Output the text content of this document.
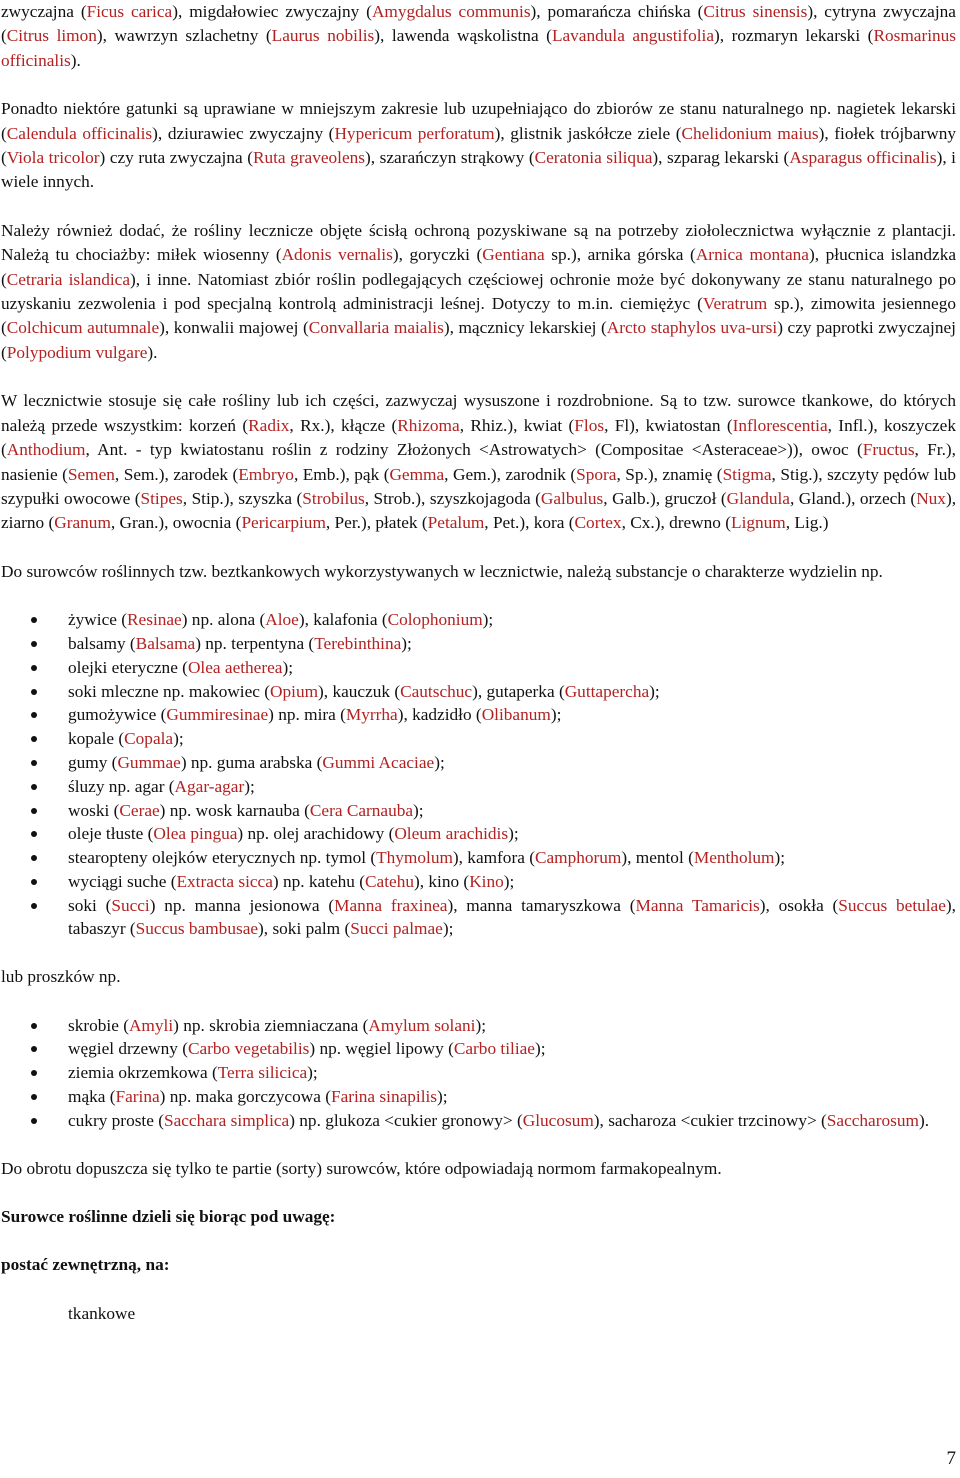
zwyczajna (Ficus carica), migdałowiec zwyczajny (Amygdalus communis), pomarańcza chińska (Citrus sinensis), cytryna zwyczajna (Citrus limon), wawrzyn szlachetny (Laurus nobilis), lawenda wąskolistna (Lavandula angustifolia), rozmaryn lekarski (Rosmarinus officinalis).

Ponadto niektóre gatunki są uprawiane w mniejszym zakresie lub uzupełniająco do zbiorów ze stanu naturalnego np. nagietek lekarski (Calendula officinalis), dziurawiec zwyczajny (Hypericum perforatum), glistnik jaskółcze ziele (Chelidonium maius), fiołek trójbarwny (Viola tricolor) czy ruta zwyczajna (Ruta graveolens), szarańczyn strąkowy (Ceratonia siliqua), szparag lekarski (Asparagus officinalis), i wiele innych.

Należy również dodać, że rośliny lecznicze objęte ścisłą ochroną pozyskiwane są na potrzeby ziołolecznictwa wyłącznie z plantacji. Należą tu chociażby: miłek wiosenny (Adonis vernalis), goryczki (Gentiana sp.), arnika górska (Arnica montana), płucnica islandzka (Cetraria islandica), i inne. Natomiast zbiór roślin podlegających częściowej ochronie może być dokonywany ze stanu naturalnego po uzyskaniu zezwolenia i pod specjalną kontrolą administracji leśnej. Dotyczy to m.in. ciemiężyc (Veratrum sp.), zimowita jesiennego (Colchicum autumnale), konwalii majowej (Convallaria maialis), mącznicy lekarskiej (Arcto staphylos uva-ursi) czy paprotki zwyczajnej (Polypodium vulgare).

W lecznictwie stosuje się całe rośliny lub ich części, zazwyczaj wysuszone i rozdrobnione. Są to tzw. surowce tkankowe, do których należą przede wszystkim: korzeń (Radix, Rx.), kłącze (Rhizoma, Rhiz.), kwiat (Flos, Fl), kwiatostan (Inflorescentia, Infl.), koszyczek (Anthodium, Ant. - typ kwiatostanu roślin z rodziny Złożonych <Astrowatych> (Compositae <Asteraceae>)), owoc (Fructus, Fr.), nasienie (Semen, Sem.), zarodek (Embryo, Emb.), pąk (Gemma, Gem.), zarodnik (Spora, Sp.), znamię (Stigma, Stig.), szczyty pędów lub szypułki owocowe (Stipes, Stip.), szyszka (Strobilus, Strob.), szyszkojagoda (Galbulus, Galb.), gruczoł (Glandula, Gland.), orzech (Nux), ziarno (Granum, Gran.), owocnia (Pericarpium, Per.), płatek (Petalum, Pet.), kora (Cortex, Cx.), drewno (Lignum, Lig.)

Do surowców roślinnych tzw. beztkankowych wykorzystywanych w lecznictwie, należą substancje o charakterze wydzielin np.

żywice (Resinae) np. alona (Aloe), kalafonia (Colophonium);
balsamy (Balsama) np. terpentyna (Terebinthina);
olejki eteryczne (Olea aetherea);
soki mleczne np. makowiec (Opium), kauczuk (Cautschuc), gutaperka (Guttapercha);
gumożywice (Gummiresinae) np. mira (Myrrha), kadzidło (Olibanum);
kopale (Copala);
gumy (Gummae) np. guma arabska (Gummi Acaciae);
śluzy np. agar (Agar-agar);
woski (Cerae) np. wosk karnauba (Cera Carnauba);
oleje tłuste (Olea pingua) np. olej arachidowy (Oleum arachidis);
stearopteny olejków eterycznych np. tymol (Thymolum), kamfora (Camphorum), mentol (Mentholum);
wyciągi suche (Extracta sicca) np. katehu (Catehu), kino (Kino);
soki (Succi) np. manna jesionowa (Manna fraxinea), manna tamaryszkowa (Manna Tamaricis), osokła (Succus betulae), tabaszyr (Succus bambusae), soki palm (Succi palmae);

lub proszków np.

skrobie (Amyli) np. skrobia ziemniaczana (Amylum solani);
węgiel drzewny (Carbo vegetabilis) np. węgiel lipowy (Carbo tiliae);
ziemia okrzemkowa (Terra silicica);
mąka (Farina) np. maka gorczycowa (Farina sinapilis);
cukry proste (Sacchara simplica) np. glukoza <cukier gronowy> (Glucosum), sacharoza <cukier trzcinowy> (Saccharosum).

Do obrotu dopuszcza się tylko te partie (sorty) surowców, które odpowiadają normom farmakopealnym.

Surowce roślinne dzieli się biorąc pod uwagę:

postać zewnętrzną, na:

tkankowe
7
